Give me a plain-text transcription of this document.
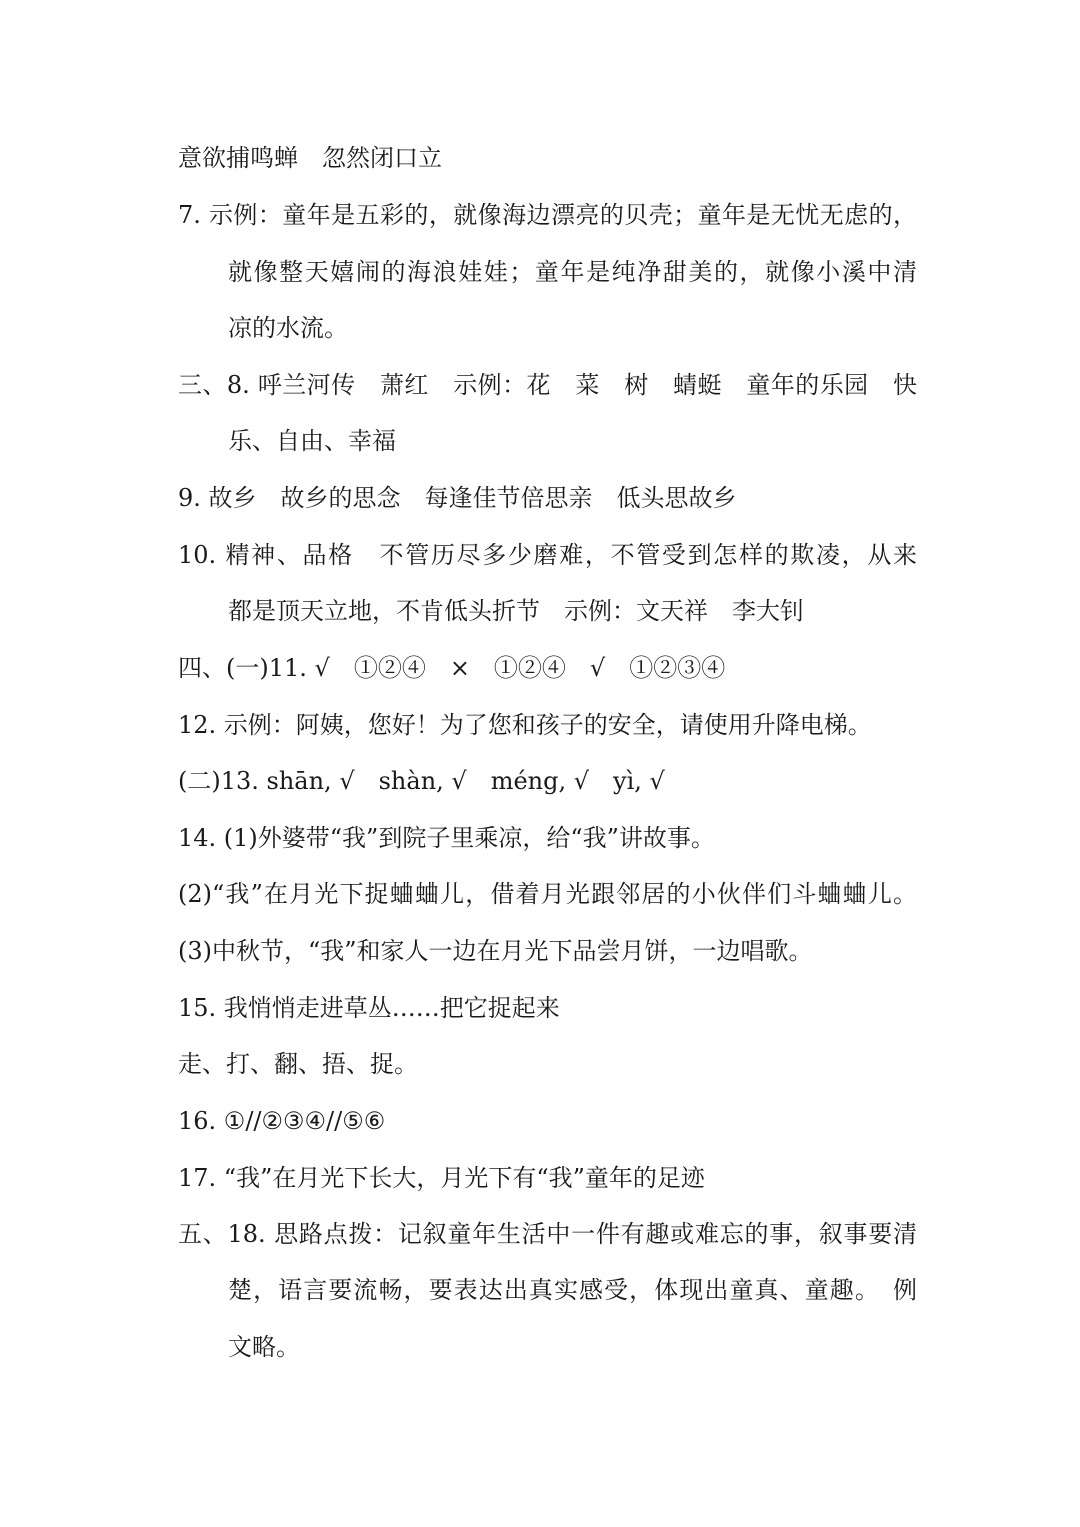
意欲捕鸣蝉　忽然闭口立
7. 示例：童年是五彩的，就像海边漂亮的贝壳；童年是无忧无虑的，
就像整天嬉闹的海浪娃娃；童年是纯净甜美的，就像小溪中清
凉的水流。
三、8. 呼兰河传　萧红　示例：花　菜　树　蜻蜓　童年的乐园　快
乐、自由、幸福
9. 故乡　故乡的思念　每逢佳节倍思亲　低头思故乡
10. 精神、品格　不管历尽多少磨难，不管受到怎样的欺凌，从来
都是顶天立地，不肯低头折节　示例：文天祥　李大钊
四、(一)11. √　①②④　×　①②④　√　①②③④
12. 示例：阿姨，您好！为了您和孩子的安全，请使用升降电梯。
(二)13. shān, √　shàn, √　méng, √　yì, √
14. (1)外婆带“我”到院子里乘凉，给“我”讲故事。
(2)“我”在月光下捉蛐蛐儿，借着月光跟邻居的小伙伴们斗蛐蛐儿。
(3)中秋节，“我”和家人一边在月光下品尝月饼，一边唱歌。
15. 我悄悄走进草丛……把它捉起来
走、打、翻、捂、捉。
16. ①//②③④//⑤⑥
17. “我”在月光下长大，月光下有“我”童年的足迹
五、18. 思路点拨：记叙童年生活中一件有趣或难忘的事，叙事要清
楚，语言要流畅，要表达出真实感受，体现出童真、童趣。　例
文略。
